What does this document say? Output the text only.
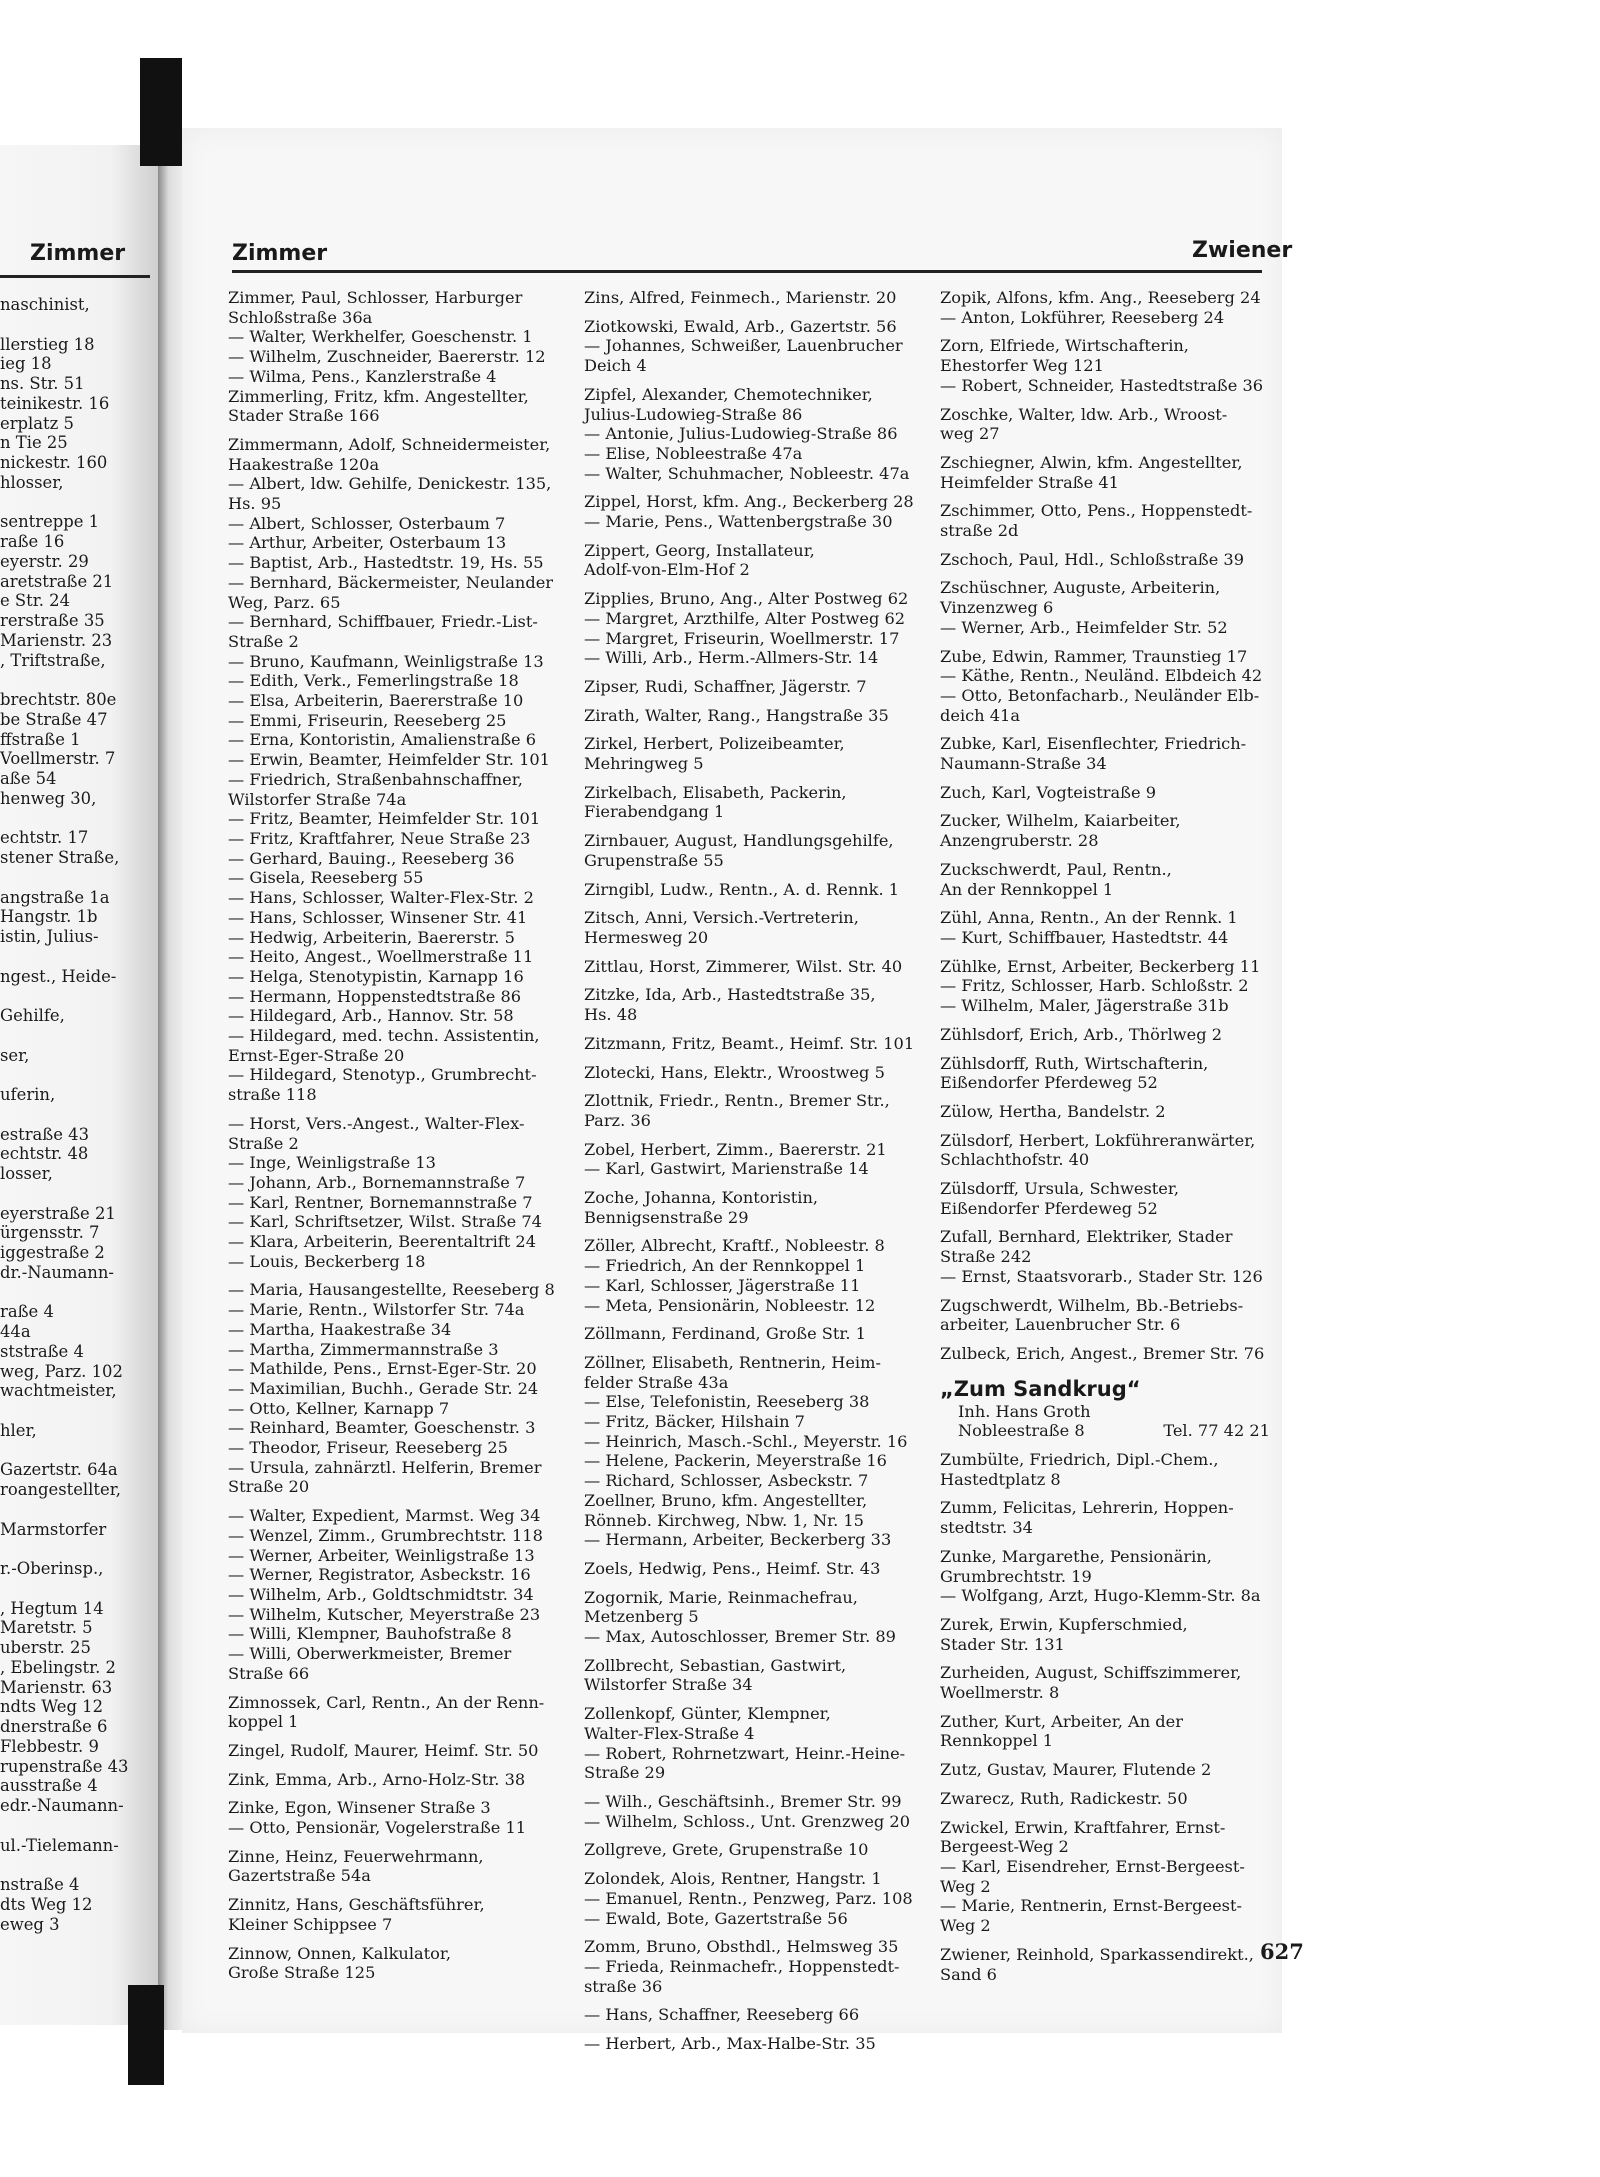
Zimmer
naschinist,
llerstieg 18
ieg 18
ns. Str. 51
teinikestr. 16
erplatz 5
n Tie 25
nickestr. 160
hlosser,
sentreppe 1
raße 16
eyerstr. 29
aretstraße 21
e Str. 24
rerstraße 35
Marienstr. 23
, Triftstraße,
brechtstr. 80e
be Straße 47
ffstraße 1
Voellmerstr. 7
aße 54
henweg 30,
echtstr. 17
stener Straße,
angstraße 1a
Hangstr. 1b
istin, Julius-
ngest., Heide-
Gehilfe,
ser,
uferin,
estraße 43
echtstr. 48
losser,
eyerstraße 21
ürgensstr. 7
iggestraße 2
dr.-Naumann-
raße 4
44a
ststraße 4
weg, Parz. 102
wachtmeister,
hler,
Gazertstr. 64a
roangestellter,
Marmstorfer
r.-Oberinsp.,
, Hegtum 14
Maretstr. 5
uberstr. 25
, Ebelingstr. 2
Marienstr. 63
ndts Weg 12
dnerstraße 6
Flebbestr. 9
rupenstraße 43
ausstraße 4
edr.-Naumann-
ul.-Tielemann-
nstraße 4
dts Weg 12
eweg 3
Zimmer	Zwiener
Zimmer, Paul, Schlosser, Harburger
Schloßstraße 36a
— Walter, Werkhelfer, Goeschenstr. 1
— Wilhelm, Zuschneider, Baererstr. 12
— Wilma, Pens., Kanzlerstraße 4
Zimmerling, Fritz, kfm. Angestellter,
Stader Straße 166
Zimmermann, Adolf, Schneidermeister,
Haakestraße 120a
— Albert, ldw. Gehilfe, Denickestr. 135,
Hs. 95
— Albert, Schlosser, Osterbaum 7
— Arthur, Arbeiter, Osterbaum 13
— Baptist, Arb., Hastedtstr. 19, Hs. 55
— Bernhard, Bäckermeister, Neulander
Weg, Parz. 65
— Bernhard, Schiffbauer, Friedr.-List-
Straße 2
— Bruno, Kaufmann, Weinligstraße 13
— Edith, Verk., Femerlingstraße 18
— Elsa, Arbeiterin, Baererstraße 10
— Emmi, Friseurin, Reeseberg 25
— Erna, Kontoristin, Amalienstraße 6
— Erwin, Beamter, Heimfelder Str. 101
— Friedrich, Straßenbahnschaffner,
Wilstorfer Straße 74a
— Fritz, Beamter, Heimfelder Str. 101
— Fritz, Kraftfahrer, Neue Straße 23
— Gerhard, Bauing., Reeseberg 36
— Gisela, Reeseberg 55
— Hans, Schlosser, Walter-Flex-Str. 2
— Hans, Schlosser, Winsener Str. 41
— Hedwig, Arbeiterin, Baererstr. 5
— Heito, Angest., Woellmerstraße 11
— Helga, Stenotypistin, Karnapp 16
— Hermann, Hoppenstedtstraße 86
— Hildegard, Arb., Hannov. Str. 58
— Hildegard, med. techn. Assistentin,
Ernst-Eger-Straße 20
— Hildegard, Stenotyp., Grumbrecht-
straße 118
— Horst, Vers.-Angest., Walter-Flex-
Straße 2
— Inge, Weinligstraße 13
— Johann, Arb., Bornemannstraße 7
— Karl, Rentner, Bornemannstraße 7
— Karl, Schriftsetzer, Wilst. Straße 74
— Klara, Arbeiterin, Beerentaltrift 24
— Louis, Beckerberg 18
— Maria, Hausangestellte, Reeseberg 8
— Marie, Rentn., Wilstorfer Str. 74a
— Martha, Haakestraße 34
— Martha, Zimmermannstraße 3
— Mathilde, Pens., Ernst-Eger-Str. 20
— Maximilian, Buchh., Gerade Str. 24
— Otto, Kellner, Karnapp 7
— Reinhard, Beamter, Goeschenstr. 3
— Theodor, Friseur, Reeseberg 25
— Ursula, zahnärztl. Helferin, Bremer
Straße 20
— Walter, Expedient, Marmst. Weg 34
— Wenzel, Zimm., Grumbrechtstr. 118
— Werner, Arbeiter, Weinligstraße 13
— Werner, Registrator, Asbeckstr. 16
— Wilhelm, Arb., Goldtschmidtstr. 34
— Wilhelm, Kutscher, Meyerstraße 23
— Willi, Klempner, Bauhofstraße 8
— Willi, Oberwerkmeister, Bremer
Straße 66
Zimnossek, Carl, Rentn., An der Renn-
koppel 1
Zingel, Rudolf, Maurer, Heimf. Str. 50
Zink, Emma, Arb., Arno-Holz-Str. 38
Zinke, Egon, Winsener Straße 3
— Otto, Pensionär, Vogelerstraße 11
Zinne, Heinz, Feuerwehrmann,
Gazertstraße 54a
Zinnitz, Hans, Geschäftsführer,
Kleiner Schippsee 7
Zinnow, Onnen, Kalkulator,
Große Straße 125
Zins, Alfred, Feinmech., Marienstr. 20
Ziotkowski, Ewald, Arb., Gazertstr. 56
— Johannes, Schweißer, Lauenbrucher
Deich 4
Zipfel, Alexander, Chemotechniker,
Julius-Ludowieg-Straße 86
— Antonie, Julius-Ludowieg-Straße 86
— Elise, Nobleestraße 47a
— Walter, Schuhmacher, Nobleestr. 47a
Zippel, Horst, kfm. Ang., Beckerberg 28
— Marie, Pens., Wattenbergstraße 30
Zippert, Georg, Installateur,
Adolf-von-Elm-Hof 2
Zipplies, Bruno, Ang., Alter Postweg 62
— Margret, Arzthilfe, Alter Postweg 62
— Margret, Friseurin, Woellmerstr. 17
— Willi, Arb., Herm.-Allmers-Str. 14
Zipser, Rudi, Schaffner, Jägerstr. 7
Zirath, Walter, Rang., Hangstraße 35
Zirkel, Herbert, Polizeibeamter,
Mehringweg 5
Zirkelbach, Elisabeth, Packerin,
Fierabendgang 1
Zirnbauer, August, Handlungsgehilfe,
Grupenstraße 55
Zirngibl, Ludw., Rentn., A. d. Rennk. 1
Zitsch, Anni, Versich.-Vertreterin,
Hermesweg 20
Zittlau, Horst, Zimmerer, Wilst. Str. 40
Zitzke, Ida, Arb., Hastedtstraße 35,
Hs. 48
Zitzmann, Fritz, Beamt., Heimf. Str. 101
Zlotecki, Hans, Elektr., Wroostweg 5
Zlottnik, Friedr., Rentn., Bremer Str.,
Parz. 36
Zobel, Herbert, Zimm., Baererstr. 21
— Karl, Gastwirt, Marienstraße 14
Zoche, Johanna, Kontoristin,
Bennigsenstraße 29
Zöller, Albrecht, Kraftf., Nobleestr. 8
— Friedrich, An der Rennkoppel 1
— Karl, Schlosser, Jägerstraße 11
— Meta, Pensionärin, Nobleestr. 12
Zöllmann, Ferdinand, Große Str. 1
Zöllner, Elisabeth, Rentnerin, Heim-
felder Straße 43a
— Else, Telefonistin, Reeseberg 38
— Fritz, Bäcker, Hilshain 7
— Heinrich, Masch.-Schl., Meyerstr. 16
— Helene, Packerin, Meyerstraße 16
— Richard, Schlosser, Asbeckstr. 7
Zoellner, Bruno, kfm. Angestellter,
Rönneb. Kirchweg, Nbw. 1, Nr. 15
— Hermann, Arbeiter, Beckerberg 33
Zoels, Hedwig, Pens., Heimf. Str. 43
Zogornik, Marie, Reinmachefrau,
Metzenberg 5
— Max, Autoschlosser, Bremer Str. 89
Zollbrecht, Sebastian, Gastwirt,
Wilstorfer Straße 34
Zollenkopf, Günter, Klempner,
Walter-Flex-Straße 4
— Robert, Rohrnetzwart, Heinr.-Heine-
Straße 29
— Wilh., Geschäftsinh., Bremer Str. 99
— Wilhelm, Schloss., Unt. Grenzweg 20
Zollgreve, Grete, Grupenstraße 10
Zolondek, Alois, Rentner, Hangstr. 1
— Emanuel, Rentn., Penzweg, Parz. 108
— Ewald, Bote, Gazertstraße 56
Zomm, Bruno, Obsthdl., Helmsweg 35
— Frieda, Reinmachefr., Hoppenstedt-
straße 36
— Hans, Schaffner, Reeseberg 66
— Herbert, Arb., Max-Halbe-Str. 35
Zopik, Alfons, kfm. Ang., Reeseberg 24
— Anton, Lokführer, Reeseberg 24
Zorn, Elfriede, Wirtschafterin,
Ehestorfer Weg 121
— Robert, Schneider, Hastedtstraße 36
Zoschke, Walter, ldw. Arb., Wroost-
weg 27
Zschiegner, Alwin, kfm. Angestellter,
Heimfelder Straße 41
Zschimmer, Otto, Pens., Hoppenstedt-
straße 2d
Zschoch, Paul, Hdl., Schloßstraße 39
Zschüschner, Auguste, Arbeiterin,
Vinzenzweg 6
— Werner, Arb., Heimfelder Str. 52
Zube, Edwin, Rammer, Traunstieg 17
— Käthe, Rentn., Neuländ. Elbdeich 42
— Otto, Betonfacharb., Neuländer Elb-
deich 41a
Zubke, Karl, Eisenflechter, Friedrich-
Naumann-Straße 34
Zuch, Karl, Vogteistraße 9
Zucker, Wilhelm, Kaiarbeiter,
Anzengruberstr. 28
Zuckschwerdt, Paul, Rentn.,
An der Rennkoppel 1
Zühl, Anna, Rentn., An der Rennk. 1
— Kurt, Schiffbauer, Hastedtstr. 44
Zühlke, Ernst, Arbeiter, Beckerberg 11
— Fritz, Schlosser, Harb. Schloßstr. 2
— Wilhelm, Maler, Jägerstraße 31b
Zühlsdorf, Erich, Arb., Thörlweg 2
Zühlsdorff, Ruth, Wirtschafterin,
Eißendorfer Pferdeweg 52
Zülow, Hertha, Bandelstr. 2
Zülsdorf, Herbert, Lokführeranwärter,
Schlachthofstr. 40
Zülsdorff, Ursula, Schwester,
Eißendorfer Pferdeweg 52
Zufall, Bernhard, Elektriker, Stader
Straße 242
— Ernst, Staatsvorarb., Stader Str. 126
Zugschwerdt, Wilhelm, Bb.-Betriebs-
arbeiter, Lauenbrucher Str. 6
Zulbeck, Erich, Angest., Bremer Str. 76
„Zum Sandkrug“
Inh. Hans Groth
Nobleestraße 8	Tel. 77 42 21
Zumbülte, Friedrich, Dipl.-Chem.,
Hastedtplatz 8
Zumm, Felicitas, Lehrerin, Hoppen-
stedtstr. 34
Zunke, Margarethe, Pensionärin,
Grumbrechtstr. 19
— Wolfgang, Arzt, Hugo-Klemm-Str. 8a
Zurek, Erwin, Kupferschmied,
Stader Str. 131
Zurheiden, August, Schiffszimmerer,
Woellmerstr. 8
Zuther, Kurt, Arbeiter, An der
Rennkoppel 1
Zutz, Gustav, Maurer, Flutende 2
Zwarecz, Ruth, Radickestr. 50
Zwickel, Erwin, Kraftfahrer, Ernst-
Bergeest-Weg 2
— Karl, Eisendreher, Ernst-Bergeest-
Weg 2
— Marie, Rentnerin, Ernst-Bergeest-
Weg 2
Zwiener, Reinhold, Sparkassendirekt.,
Sand 6
627
